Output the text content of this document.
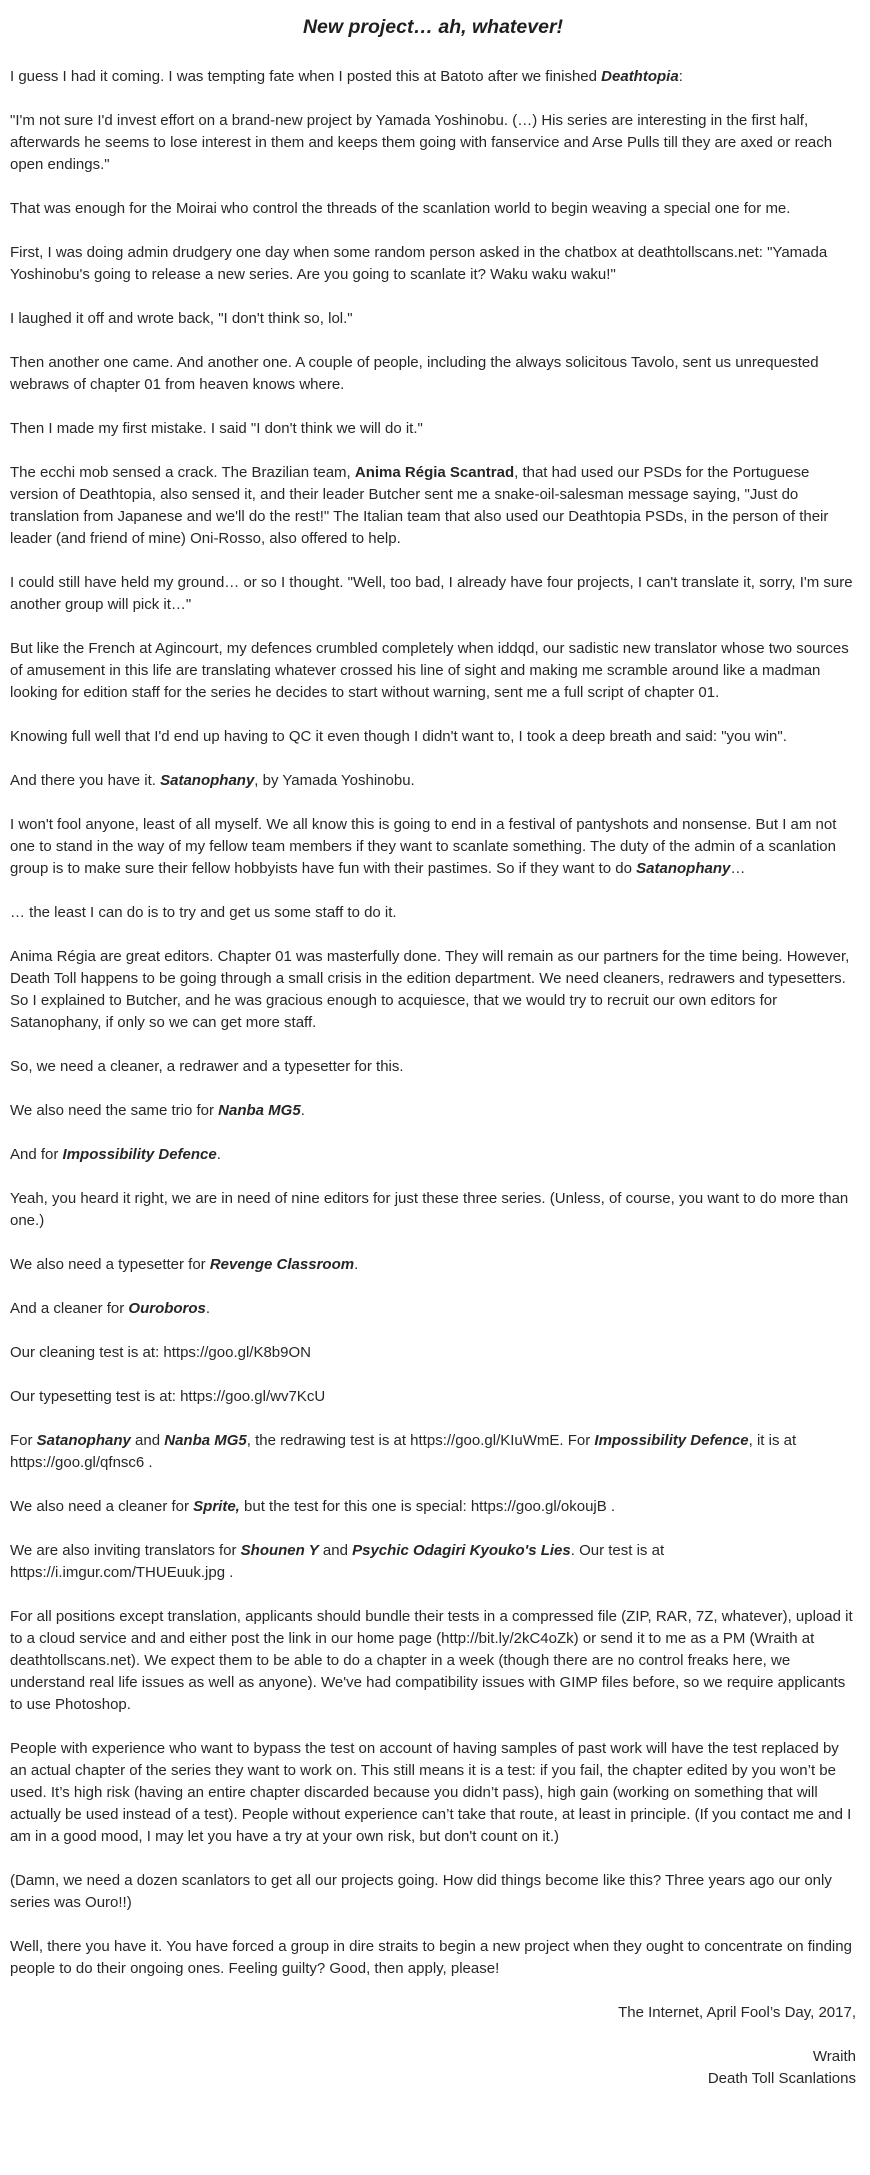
New project… ah, whatever!

I guess I had it coming. I was tempting fate when I posted this at Batoto after we finished Deathtopia:

"I'm not sure I'd invest effort on a brand-new project by Yamada Yoshinobu. (…) His series are interesting in the first half, afterwards he seems to lose interest in them and keeps them going with fanservice and Arse Pulls till they are axed or reach open endings."

That was enough for the Moirai who control the threads of the scanlation world to begin weaving a special one for me.

First, I was doing admin drudgery one day when some random person asked in the chatbox at deathtollscans.net: "Yamada Yoshinobu's going to release a new series. Are you going to scanlate it? Waku waku waku!"

I laughed it off and wrote back, "I don't think so, lol."

Then another one came. And another one. A couple of people, including the always solicitous Tavolo, sent us unrequested webraws of chapter 01 from heaven knows where.

Then I made my first mistake. I said "I don't think we will do it."

The ecchi mob sensed a crack. The Brazilian team, Anima Régia Scantrad, that had used our PSDs for the Portuguese version of Deathtopia, also sensed it, and their leader Butcher sent me a snake-oil-salesman message saying, "Just do translation from Japanese and we'll do the rest!" The Italian team that also used our Deathtopia PSDs, in the person of their leader (and friend of mine) Oni-Rosso, also offered to help.

I could still have held my ground… or so I thought. "Well, too bad, I already have four projects, I can't translate it, sorry, I'm sure another group will pick it…"

But like the French at Agincourt, my defences crumbled completely when iddqd, our sadistic new translator whose two sources of amusement in this life are translating whatever crossed his line of sight and making me scramble around like a madman looking for edition staff for the series he decides to start without warning, sent me a full script of chapter 01.

Knowing full well that I'd end up having to QC it even though I didn't want to, I took a deep breath and said: "you win".

And there you have it. Satanophany, by Yamada Yoshinobu.

I won't fool anyone, least of all myself. We all know this is going to end in a festival of pantyshots and nonsense. But I am not one to stand in the way of my fellow team members if they want to scanlate something. The duty of the admin of a scanlation group is to make sure their fellow hobbyists have fun with their pastimes. So if they want to do Satanophany…

… the least I can do is to try and get us some staff to do it.

Anima Régia are great editors. Chapter 01 was masterfully done. They will remain as our partners for the time being. However, Death Toll happens to be going through a small crisis in the edition department. We need cleaners, redrawers and typesetters. So I explained to Butcher, and he was gracious enough to acquiesce, that we would try to recruit our own editors for Satanophany, if only so we can get more staff.

So, we need a cleaner, a redrawer and a typesetter for this.

We also need the same trio for Nanba MG5.

And for Impossibility Defence.

Yeah, you heard it right, we are in need of nine editors for just these three series. (Unless, of course, you want to do more than one.)

We also need a typesetter for Revenge Classroom.

And a cleaner for Ouroboros.

Our cleaning test is at: https://goo.gl/K8b9ON

Our typesetting test is at: https://goo.gl/wv7KcU

For Satanophany and Nanba MG5, the redrawing test is at https://goo.gl/KIuWmE. For Impossibility Defence, it is at https://goo.gl/qfnsc6 .

We also need a cleaner for Sprite, but the test for this one is special: https://goo.gl/okoujB .

We are also inviting translators for Shounen Y and Psychic Odagiri Kyouko's Lies. Our test is at https://i.imgur.com/THUEuuk.jpg .

For all positions except translation, applicants should bundle their tests in a compressed file (ZIP, RAR, 7Z, whatever), upload it to a cloud service and and either post the link in our home page (http://bit.ly/2kC4oZk) or send it to me as a PM (Wraith at deathtollscans.net). We expect them to be able to do a chapter in a week (though there are no control freaks here, we understand real life issues as well as anyone). We've had compatibility issues with GIMP files before, so we require applicants to use Photoshop.

People with experience who want to bypass the test on account of having samples of past work will have the test replaced by an actual chapter of the series they want to work on. This still means it is a test: if you fail, the chapter edited by you won’t be used. It’s high risk (having an entire chapter discarded because you didn’t pass), high gain (working on something that will actually be used instead of a test). People without experience can’t take that route, at least in principle. (If you contact me and I am in a good mood, I may let you have a try at your own risk, but don't count on it.)

(Damn, we need a dozen scanlators to get all our projects going. How did things become like this? Three years ago our only series was Ouro!!)

Well, there you have it. You have forced a group in dire straits to begin a new project when they ought to concentrate on finding people to do their ongoing ones. Feeling guilty? Good, then apply, please!

The Internet, April Fool’s Day, 2017,

Wraith
Death Toll Scanlations
